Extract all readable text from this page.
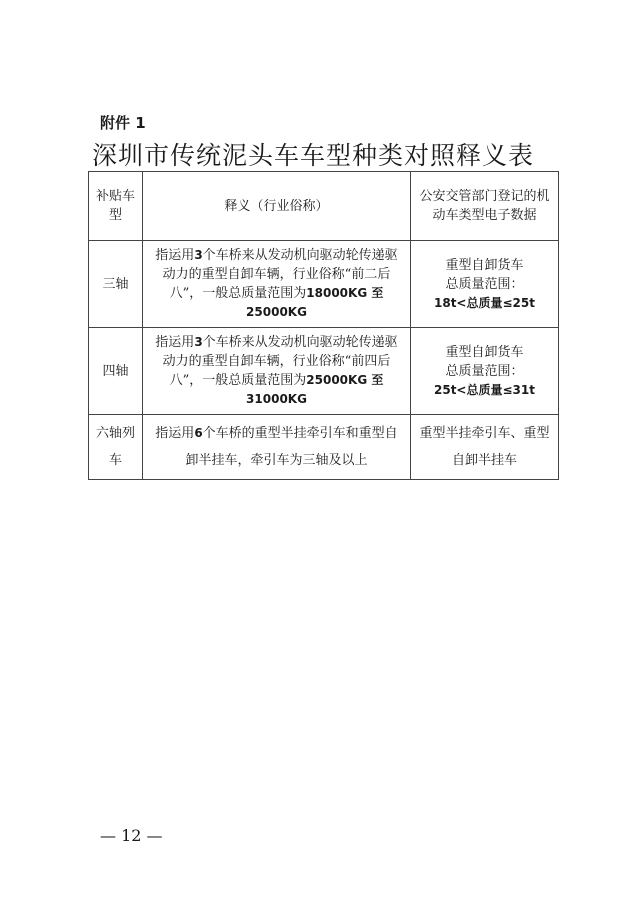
附件 1
深圳市传统泥头车车型种类对照释义表
补贴车型	释义（行业俗称）	公安交管部门登记的机动车类型电子数据
三轴	指运用3个车桥来从发动机向驱动轮传递驱动力的重型自卸车辆，行业俗称“前二后八”，一般总质量范围为18000KG 至 25000KG	重型自卸货车
总质量范围：
18t<总质量≤25t

四轴	指运用3个车桥来从发动机向驱动轮传递驱动力的重型自卸车辆，行业俗称“前四后八”，一般总质量范围为25000KG 至 31000KG	重型自卸货车
总质量范围：
25t<总质量≤31t

六轴列车	指运用6个车桥的重型半挂牵引车和重型自卸半挂车，牵引车为三轴及以上	重型半挂牵引车、重型自卸半挂车
— 12 —
